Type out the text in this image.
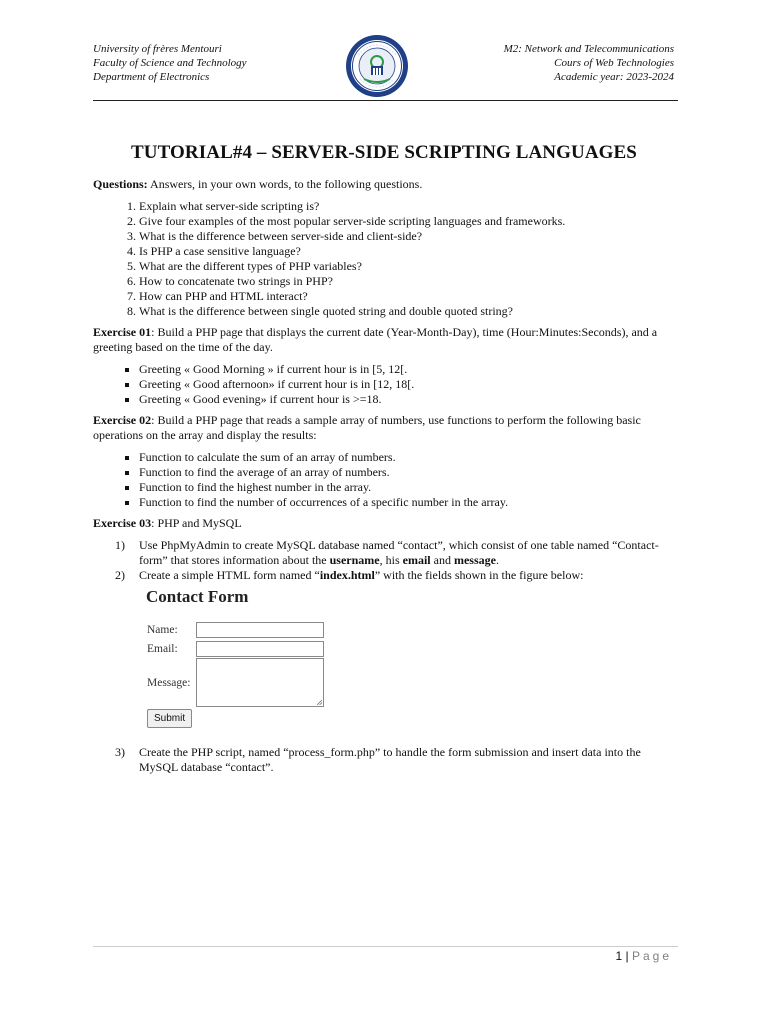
University of frères Mentouri
Faculty of Science and Technology
Department of Electronics
M2: Network and Telecommunications
Cours of Web Technologies
Academic year: 2023-2024
TUTORIAL#4 – SERVER-SIDE SCRIPTING LANGUAGES

Questions: Answers, in your own words, to the following questions.

1. Explain what server-side scripting is?
2. Give four examples of the most popular server-side scripting languages and frameworks.
3. What is the difference between server-side and client-side?
4. Is PHP a case sensitive language?
5. What are the different types of PHP variables?
6. How to concatenate two strings in PHP?
7. How can PHP and HTML interact?
8. What is the difference between single quoted string and double quoted string?

Exercise 01: Build a PHP page that displays the current date (Year-Month-Day), time (Hour:Minutes:Seconds), and a greeting based on the time of the day.

▪ Greeting « Good Morning » if current hour is in [5, 12[.
▪ Greeting « Good afternoon» if current hour is in [12, 18[.
▪ Greeting « Good evening» if current hour is >=18.

Exercise 02: Build a PHP page that reads a sample array of numbers, use functions to perform the following basic operations on the array and display the results:

▪ Function to calculate the sum of an array of numbers.
▪ Function to find the average of an array of numbers.
▪ Function to find the highest number in the array.
▪ Function to find the number of occurrences of a specific number in the array.

Exercise 03: PHP and MySQL

1) Use PhpMyAdmin to create MySQL database named “contact”, which consist of one table named “Contact-form” that stores information about the username, his email and message.
2) Create a simple HTML form named “index.html” with the fields shown in the figure below:
Contact Form
Name:
Email:
Message:
Submit
3) Create the PHP script, named “process_form.php” to handle the form submission and insert data into the MySQL database “contact”.
1 | Page
